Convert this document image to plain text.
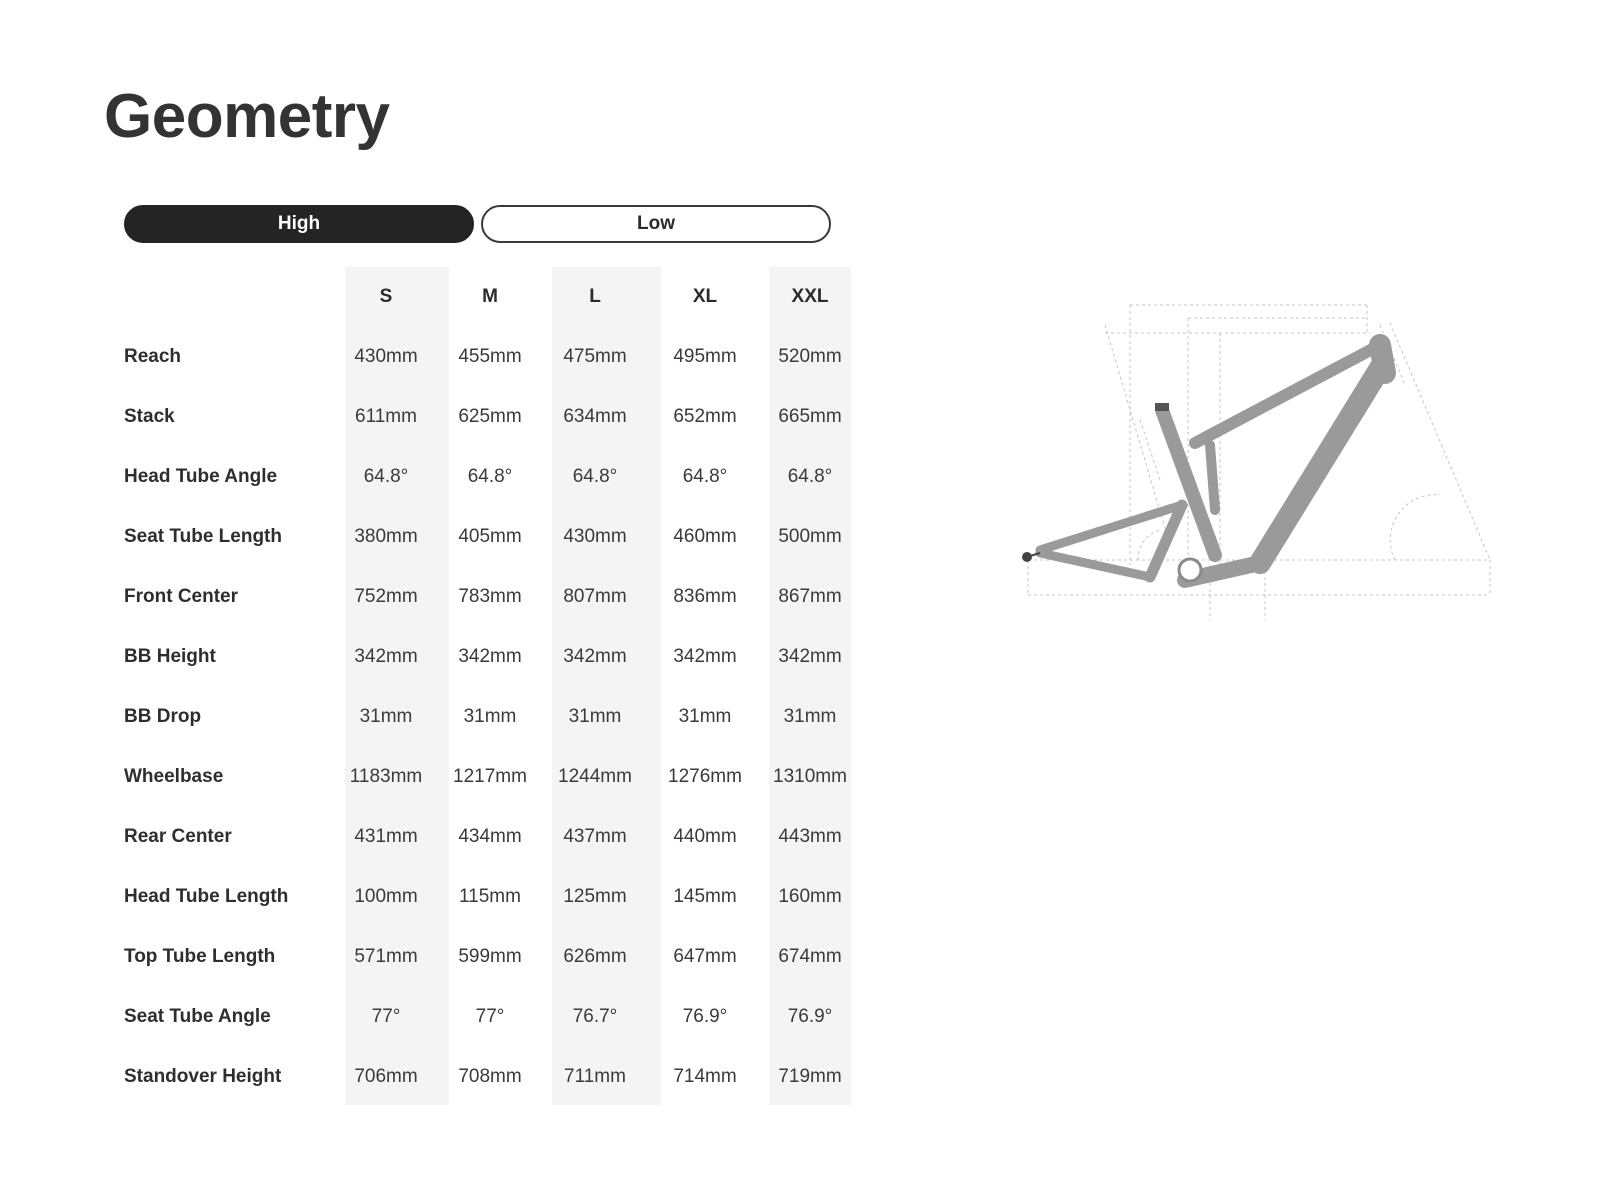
Geometry
High	Low
S	M	L	XL	XXL
Reach	430mm	455mm	475mm	495mm	520mm
Stack	611mm	625mm	634mm	652mm	665mm
Head Tube Angle	64.8°	64.8°	64.8°	64.8°	64.8°
Seat Tube Length	380mm	405mm	430mm	460mm	500mm
Front Center	752mm	783mm	807mm	836mm	867mm
BB Height	342mm	342mm	342mm	342mm	342mm
BB Drop	31mm	31mm	31mm	31mm	31mm
Wheelbase	1183mm	1217mm	1244mm	1276mm	1310mm
Rear Center	431mm	434mm	437mm	440mm	443mm
Head Tube Length	100mm	115mm	125mm	145mm	160mm
Top Tube Length	571mm	599mm	626mm	647mm	674mm
Seat Tube Angle	77°	77°	76.7°	76.9°	76.9°
Standover Height	706mm	708mm	711mm	714mm	719mm
